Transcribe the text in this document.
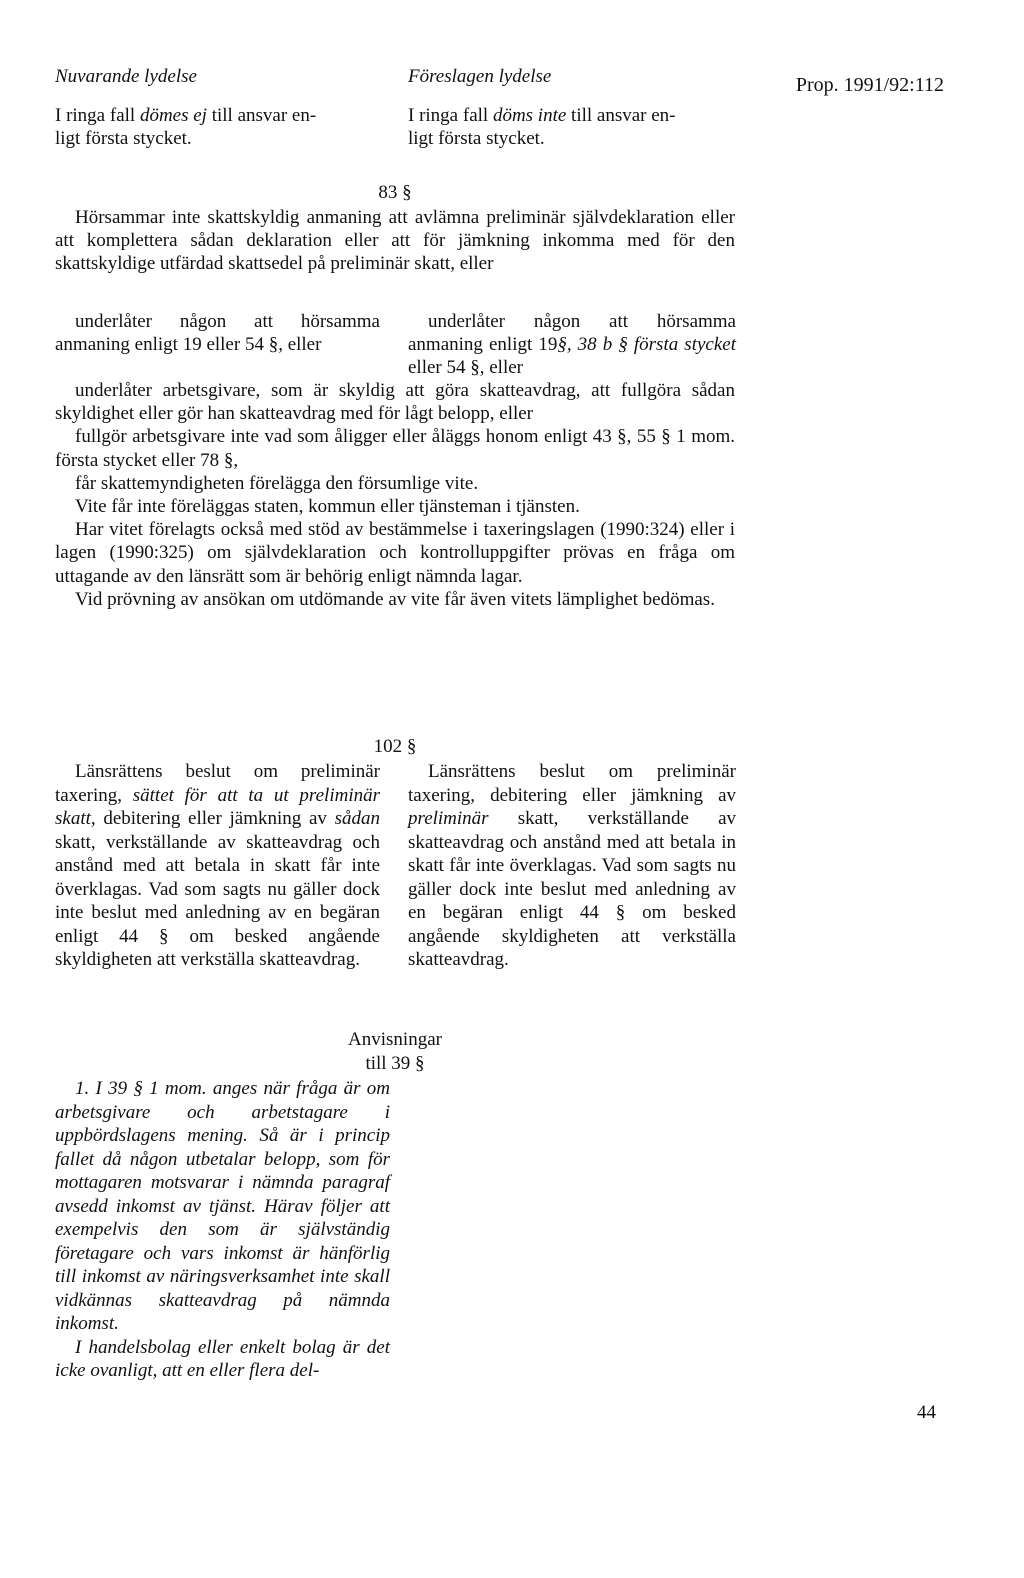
Nuvarande lydelse	Föreslagen lydelse	Prop. 1991/92:112
I ringa fall dömes ej till ansvar en-
ligt första stycket.
I ringa fall döms inte till ansvar en-
ligt första stycket.
83 §

Hörsammar inte skattskyldig anmaning att avlämna preliminär självdeklaration eller att komplettera sådan deklaration eller att för jämkning inkomma med för den skattskyldige utfärdad skattsedel på preliminär skatt, eller

underlåter någon att hörsamma anmaning enligt 19 eller 54 §, eller

underlåter någon att hörsamma anmaning enligt 19§, 38 b § första stycket eller 54 §, eller

underlåter arbetsgivare, som är skyldig att göra skatteavdrag, att fullgöra sådan skyldighet eller gör han skatteavdrag med för lågt belopp, eller

fullgör arbetsgivare inte vad som åligger eller åläggs honom enligt 43 §, 55 § 1 mom. första stycket eller 78 §,

får skattemyndigheten förelägga den försumlige vite.

Vite får inte föreläggas staten, kommun eller tjänsteman i tjänsten.

Har vitet förelagts också med stöd av bestämmelse i taxeringslagen (1990:324) eller i lagen (1990:325) om självdeklaration och kontrolluppgifter prövas en fråga om uttagande av den länsrätt som är behörig enligt nämnda lagar.

Vid prövning av ansökan om utdömande av vite får även vitets lämplighet bedömas.

102 §

Länsrättens beslut om preliminär taxering, sättet för att ta ut preliminär skatt, debitering eller jämkning av sådan skatt, verkställande av skatteavdrag och anstånd med att betala in skatt får inte överklagas. Vad som sagts nu gäller dock inte beslut med anledning av en begäran enligt 44 § om besked angående skyldigheten att verkställa skatteavdrag.

Länsrättens beslut om preliminär taxering, debitering eller jämkning av preliminär skatt, verkställande av skatteavdrag och anstånd med att betala in skatt får inte överklagas. Vad som sagts nu gäller dock inte beslut med anledning av en begäran enligt 44 § om besked angående skyldigheten att verkställa skatteavdrag.

Anvisningar
till 39 §

1. I 39 § 1 mom. anges när fråga är om arbetsgivare och arbetstagare i uppbördslagens mening. Så är i princip fallet då någon utbetalar belopp, som för mottagaren motsvarar i nämnda paragraf avsedd inkomst av tjänst. Härav följer att exempelvis den som är självständig företagare och vars inkomst är hänförlig till inkomst av näringsverksamhet inte skall vidkännas skatteavdrag på nämnda inkomst.

I handelsbolag eller enkelt bolag är det icke ovanligt, att en eller flera del-

44
